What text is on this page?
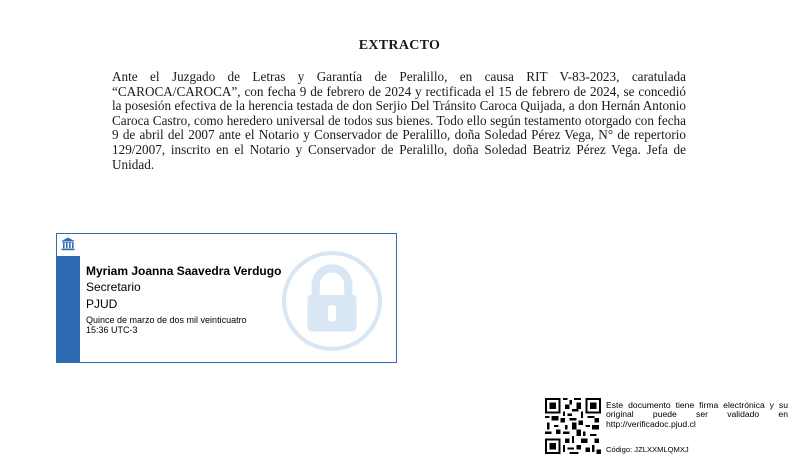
EXTRACTO
Ante el Juzgado de Letras y Garantía de Peralillo, en causa RIT V-83-2023, caratulada “CAROCA/CAROCA”, con fecha 9 de febrero de 2024 y rectificada el 15 de febrero de 2024, se concedió la posesión efectiva de la herencia testada de don Serjio Del Tránsito Caroca Quijada, a don Hernán Antonio Caroca Castro, como heredero universal de todos sus bienes. Todo ello según testamento otorgado con fecha 9 de abril del 2007 ante el Notario y Conservador de Peralillo, doña Soledad Pérez Vega, N° de repertorio 129/2007, inscrito en el Notario y Conservador de Peralillo, doña Soledad Beatriz Pérez Vega. Jefa de Unidad.
Myriam Joanna Saavedra Verdugo
Secretario
PJUD
Quince de marzo de dos mil veinticuatro
15:36 UTC-3
Este documento tiene firma electrónica y su original puede ser validado en http://verificadoc.pjud.cl
Código: JZLXXMLQMXJ
